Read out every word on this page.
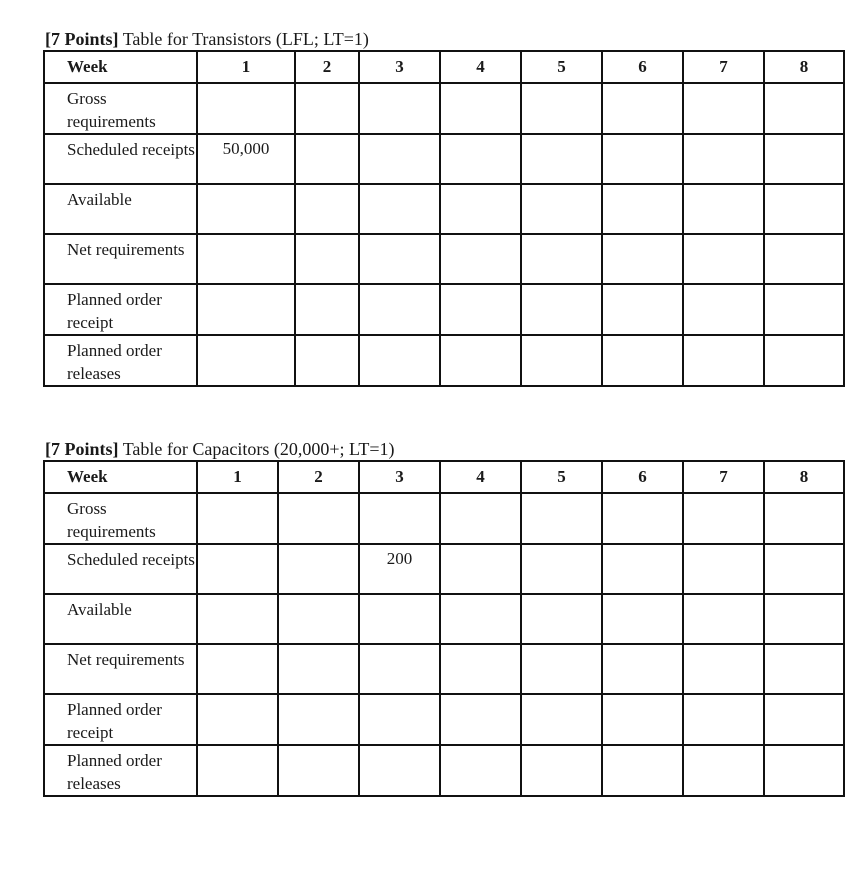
[7 Points] Table for Transistors (LFL; LT=1)
Week	1	2	3	4	5	6	7	8
Gross requirements								
Scheduled receipts	50,000							
Available								
Net requirements								
Planned order receipt								
Planned order releases								
[7 Points] Table for Capacitors (20,000+; LT=1)
Week	1	2	3	4	5	6	7	8
Gross requirements								
Scheduled receipts			200					
Available								
Net requirements								
Planned order receipt								
Planned order releases								
